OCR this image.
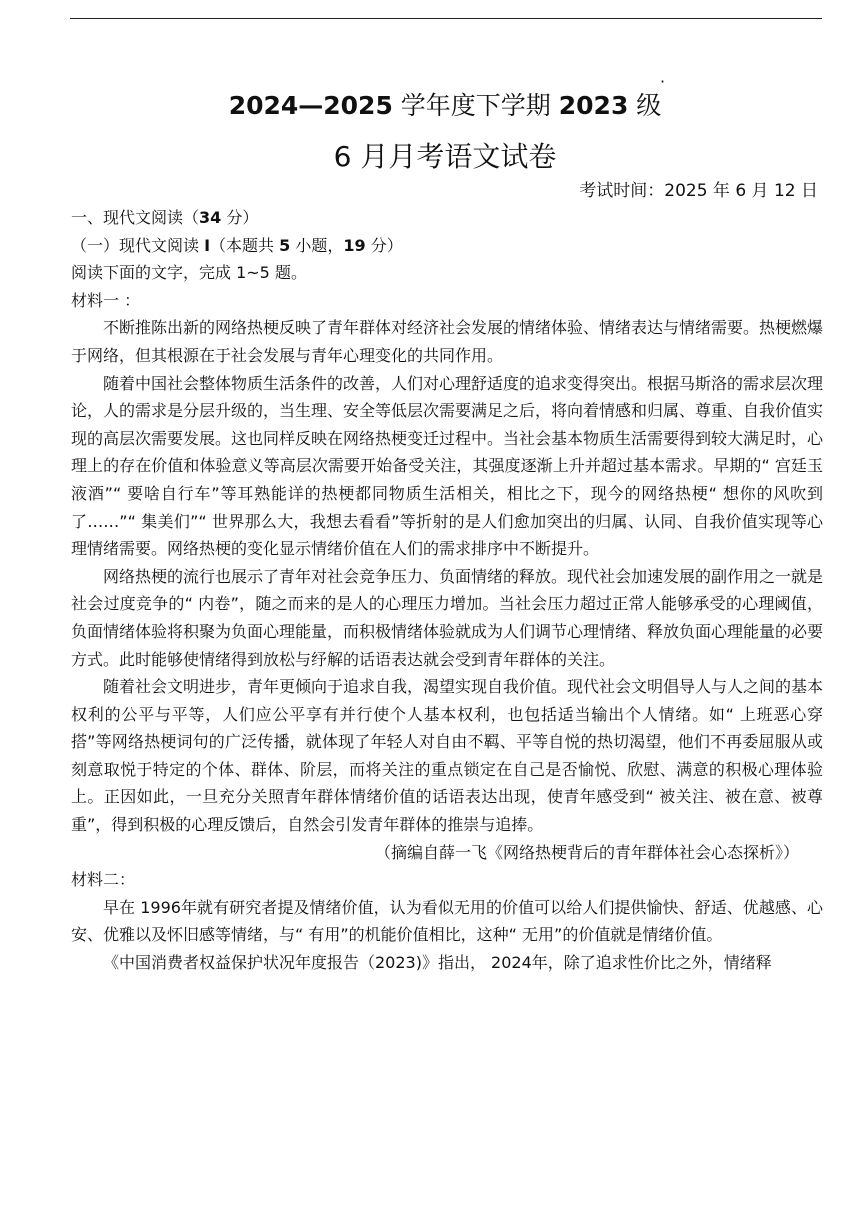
·
2024—2025 学年度下学期 2023 级
6 月月考语文试卷
考试时间：2025 年 6 月 12 日
一、现代文阅读（34 分）
（一）现代文阅读 I（本题共 5 小题，19 分）
阅读下面的文字，完成 1~5 题。
材料一 ：

不断推陈出新的网络热梗反映了青年群体对经济社会发展的情绪体验、情绪表达与情绪需要。热梗燃爆于网络，但其根源在于社会发展与青年心理变化的共同作用。

随着中国社会整体物质生活条件的改善，人们对心理舒适度的追求变得突出。根据马斯洛的需求层次理论，人的需求是分层升级的，当生理、安全等低层次需要满足之后，将向着情感和归属、尊重、自我价值实现的高层次需要发展。这也同样反映在网络热梗变迁过程中。当社会基本物质生活需要得到较大满足时，心理上的存在价值和体验意义等高层次需要开始备受关注，其强度逐渐上升并超过基本需求。早期的“ 宫廷玉液酒”“ 要啥自行车”等耳熟能详的热梗都同物质生活相关，相比之下，现今的网络热梗“ 想你的风吹到了……”“ 集美们”“ 世界那么大，我想去看看”等折射的是人们愈加突出的归属、认同、自我价值实现等心理情绪需要。网络热梗的变化显示情绪价值在人们的需求排序中不断提升。

网络热梗的流行也展示了青年对社会竞争压力、负面情绪的释放。现代社会加速发展的副作用之一就是社会过度竞争的“ 内卷”，随之而来的是人的心理压力增加。当社会压力超过正常人能够承受的心理阈值，负面情绪体验将积聚为负面心理能量，而积极情绪体验就成为人们调节心理情绪、释放负面心理能量的必要方式。此时能够使情绪得到放松与纾解的话语表达就会受到青年群体的关注。

随着社会文明进步，青年更倾向于追求自我，渴望实现自我价值。现代社会文明倡导人与人之间的基本权利的公平与平等，人们应公平享有并行使个人基本权利，也包括适当输出个人情绪。如“ 上班恶心穿搭”等网络热梗词句的广泛传播，就体现了年轻人对自由不羁、平等自悦的热切渴望，他们不再委屈服从或刻意取悦于特定的个体、群体、阶层，而将关注的重点锁定在自己是否愉悦、欣慰、满意的积极心理体验上。正因如此，一旦充分关照青年群体情绪价值的话语表达出现，使青年感受到“ 被关注、被在意、被尊重”，得到积极的心理反馈后，自然会引发青年群体的推崇与追捧。

（摘编自薛一飞《网络热梗背后的青年群体社会心态探析》）
材料二：

早在 1996年就有研究者提及情绪价值，认为看似无用的价值可以给人们提供愉快、舒适、优越感、心安、优雅以及怀旧感等情绪，与“ 有用”的机能价值相比，这种“ 无用”的价值就是情绪价值。

《中国消费者权益保护状况年度报告（2023)》指出， 2024年，除了追求性价比之外，情绪释
